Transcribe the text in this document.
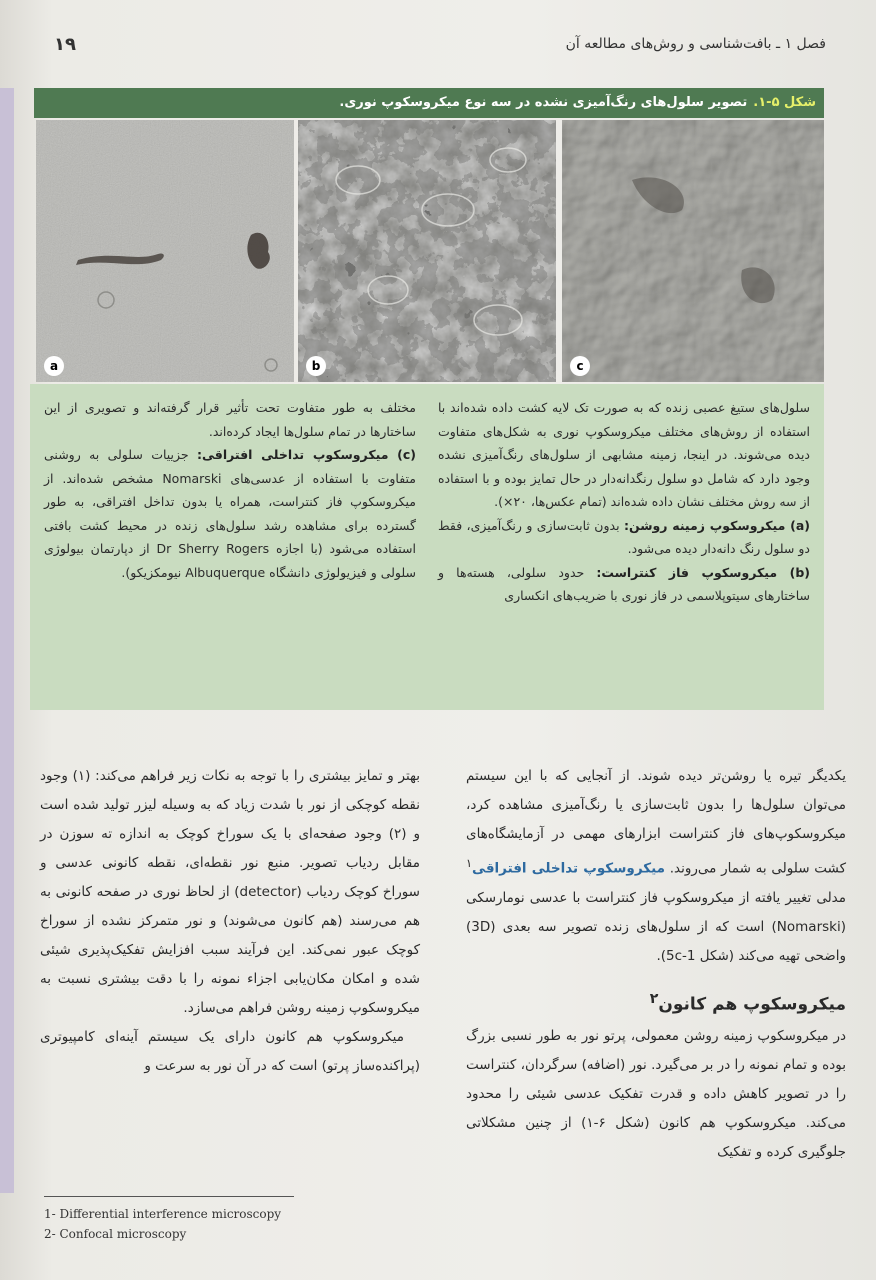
۱۹	فصل ۱ ـ بافت‌شناسی و روش‌های مطالعه آن
شکل ۵-۱.تصویر سلول‌های رنگ‌آمیزی نشده در سه نوع میکروسکوپ نوری.
a	b	c

سلول‌های ستیغ عصبی زنده که به صورت تک لایه کشت داده شده‌اند با استفاده از روش‌های مختلف میکروسکوپ نوری به شکل‌های متفاوت دیده می‌شوند. در اینجا، زمینه مشابهی از سلول‌های رنگ‌آمیزی نشده وجود دارد که شامل دو سلول رنگدانه‌دار در حال تمایز بوده و با استفاده از سه روش مختلف نشان داده شده‌اند (تمام عکس‌ها، ۲۰×).

(a) میکروسکوپ زمینه روشن: بدون ثابت‌سازی و رنگ‌آمیزی، فقط دو سلول رنگ دانه‌دار دیده می‌شود.

(b) میکروسکوپ فاز کنتراست: حدود سلولی، هسته‌ها و ساختارهای سیتوپلاسمی در فاز نوری با ضریب‌های انکساری

مختلف به طور متفاوت تحت تأثیر قرار گرفته‌اند و تصویری از این ساختارها در تمام سلول‌ها ایجاد کرده‌اند.

(c) میکروسکوپ تداخلی افتراقی: جزییات سلولی به روشنی متفاوت با استفاده از عدسی‌های Nomarski مشخص شده‌اند. از میکروسکوپ فاز کنتراست، همراه یا بدون تداخل افتراقی، به طور گسترده برای مشاهده رشد سلول‌های زنده در محیط کشت بافتی استفاده می‌شود (با اجازه Dr Sherry Rogers از دپارتمان بیولوژی سلولی و فیزیولوژی دانشگاه Albuquerque نیومکزیکو).

یکدیگر تیره یا روشن‌تر دیده شوند. از آنجایی که با این سیستم می‌توان سلول‌ها را بدون ثابت‌سازی یا رنگ‌آمیزی مشاهده کرد، میکروسکوپ‌های فاز کنتراست ابزارهای مهمی در آزمایشگاه‌های کشت سلولی به شمار می‌روند. میکروسکوپ تداخلی افتراقی$^۱$ مدلی تغییر یافته از میکروسکوپ فاز کنتراست با عدسی نومارسکی (Nomarski) است که از سلول‌های زنده تصویر سه بعدی (3D) واضحی تهیه می‌کند (شکل ‎5c-1).

میکروسکوپ هم کانون$^۲$

در میکروسکوپ زمینه روشن معمولی، پرتو نور به طور نسبی بزرگ بوده و تمام نمونه را در بر می‌گیرد. نور (اضافه) سرگردان، کنتراست را در تصویر کاهش داده و قدرت تفکیک عدسی شیئی را محدود می‌کند. میکروسکوپ هم کانون (شکل ۶-۱) از چنین مشکلاتی جلوگیری کرده و تفکیک

بهتر و تمایز بیشتری را با توجه به نکات زیر فراهم می‌کند: (۱) وجود نقطه کوچکی از نور با شدت زیاد که به وسیله لیزر تولید شده است و (۲) وجود صفحه‌ای با یک سوراخ کوچک به اندازه ته سوزن در مقابل ردیاب تصویر. منبع نور نقطه‌ای، نقطه کانونی عدسی و سوراخ کوچک ردیاب (detector) از لحاظ نوری در صفحه کانونی به هم می‌رسند (هم کانون می‌شوند) و نور متمرکز نشده از سوراخ کوچک عبور نمی‌کند. این فرآیند سبب افزایش تفکیک‌پذیری شیئی شده و امکان مکان‌یابی اجزاء نمونه را با دقت بیشتری نسبت به میکروسکوپ زمینه روشن فراهم می‌سازد.

میکروسکوپ هم کانون دارای یک سیستم آینه‌ای کامپیوتری (پراکنده‌ساز پرتو) است که در آن نور به سرعت و

1- Differential interference microscopy
2- Confocal microscopy
